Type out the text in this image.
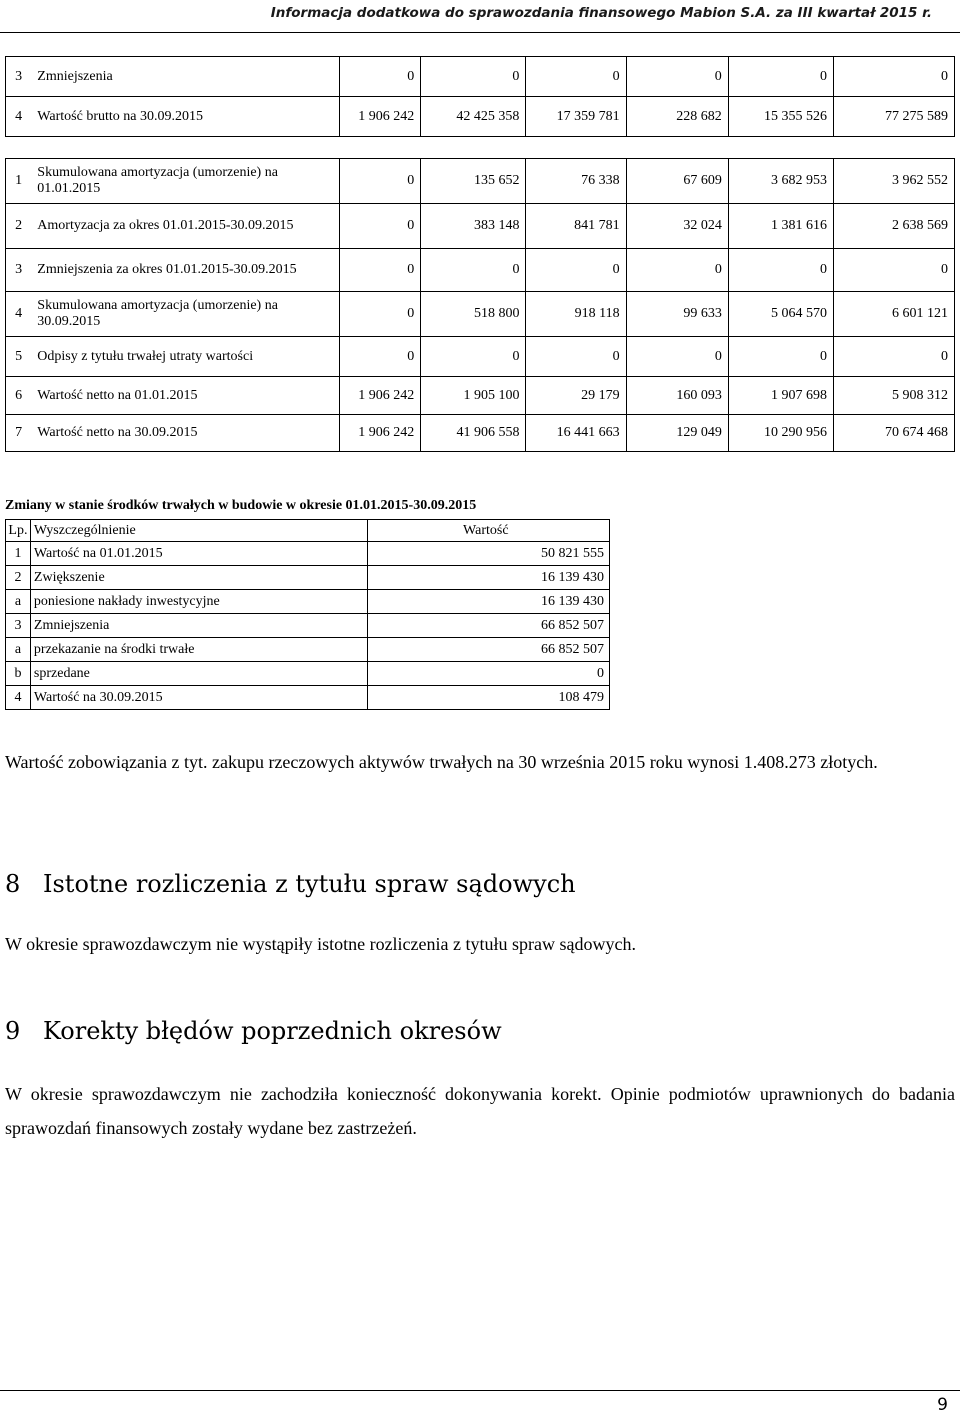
Informacja dodatkowa do sprawozdania finansowego Mabion S.A. za III kwartał 2015 r.
3	Zmniejszenia	0	0	0	0	0	0
4	Wartość brutto na 30.09.2015	1 906 242	42 425 358	17 359 781	228 682	15 355 526	77 275 589
1	Skumulowana amortyzacja (umorzenie) na 01.01.2015	0	135 652	76 338	67 609	3 682 953	3 962 552
2	Amortyzacja za okres 01.01.2015-30.09.2015	0	383 148	841 781	32 024	1 381 616	2 638 569
3	Zmniejszenia za okres 01.01.2015-30.09.2015	0	0	0	0	0	0
4	Skumulowana amortyzacja (umorzenie) na 30.09.2015	0	518 800	918 118	99 633	5 064 570	6 601 121
5	Odpisy z tytułu trwałej utraty wartości	0	0	0	0	0	0
6	Wartość netto na 01.01.2015	1 906 242	1 905 100	29 179	160 093	1 907 698	5 908 312
7	Wartość netto na 30.09.2015	1 906 242	41 906 558	16 441 663	129 049	10 290 956	70 674 468
Zmiany w stanie środków trwałych w budowie w okresie 01.01.2015-30.09.2015
Lp.	Wyszczególnienie	Wartość
1	Wartość na 01.01.2015	50 821 555
2	Zwiększenie	16 139 430
a	poniesione nakłady inwestycyjne	16 139 430
3	Zmniejszenia	66 852 507
a	przekazanie na środki trwałe	66 852 507
b	sprzedane	0
4	Wartość na 30.09.2015	108 479

Wartość zobowiązania z tyt. zakupu rzeczowych aktywów trwałych na 30 września 2015 roku wynosi 1.408.273 złotych.

8 Istotne rozliczenia z tytułu spraw sądowych

W okresie sprawozdawczym nie wystąpiły istotne rozliczenia z tytułu spraw sądowych.

9 Korekty błędów poprzednich okresów

W okresie sprawozdawczym nie zachodziła konieczność dokonywania korekt. Opinie podmiotów uprawnionych do badania sprawozdań finansowych zostały wydane bez zastrzeżeń.

9
